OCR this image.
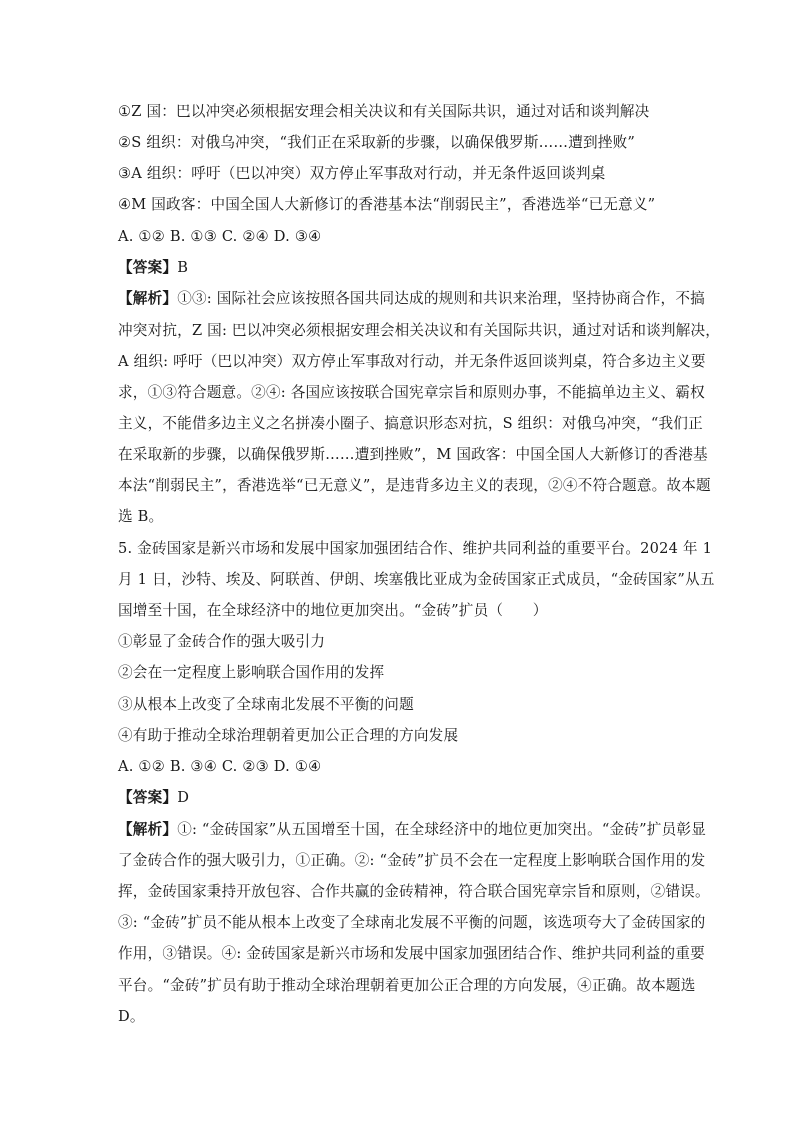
①Z 国：巴以冲突必须根据安理会相关决议和有关国际共识，通过对话和谈判解决
②S 组织：对俄乌冲突，“我们正在采取新的步骤，以确保俄罗斯……遭到挫败”
③A 组织：呼吁（巴以冲突）双方停止军事敌对行动，并无条件返回谈判桌
④M 国政客：中国全国人大新修订的香港基本法“削弱民主”，香港选举“已无意义”
A. ①② B. ①③ C. ②④ D. ③④
【答案】B
【解析】①③: 国际社会应该按照各国共同达成的规则和共识来治理，坚持协商合作，不搞
冲突对抗，Z 国: 巴以冲突必须根据安理会相关决议和有关国际共识，通过对话和谈判解决，
A 组织: 呼吁（巴以冲突）双方停止军事敌对行动，并无条件返回谈判桌，符合多边主义要
求，①③符合题意。②④: 各国应该按联合国宪章宗旨和原则办事，不能搞单边主义、霸权
主义，不能借多边主义之名拼凑小圈子、搞意识形态对抗，S 组织：对俄乌冲突，“我们正
在采取新的步骤，以确保俄罗斯……遭到挫败”，M 国政客：中国全国人大新修订的香港基
本法“削弱民主”，香港选举“已无意义”，是违背多边主义的表现，②④不符合题意。故本题
选 B。
5. 金砖国家是新兴市场和发展中国家加强团结合作、维护共同利益的重要平台。2024 年 1
月 1 日，沙特、埃及、阿联酋、伊朗、埃塞俄比亚成为金砖国家正式成员，“金砖国家”从五
国增至十国，在全球经济中的地位更加突出。“金砖”扩员（　　）
①彰显了金砖合作的强大吸引力
②会在一定程度上影响联合国作用的发挥
③从根本上改变了全球南北发展不平衡的问题
④有助于推动全球治理朝着更加公正合理的方向发展
A. ①② B. ③④ C. ②③ D. ①④
【答案】D
【解析】①: “金砖国家”从五国增至十国，在全球经济中的地位更加突出。“金砖”扩员彰显
了金砖合作的强大吸引力，①正确。②: “金砖”扩员不会在一定程度上影响联合国作用的发
挥，金砖国家秉持开放包容、合作共赢的金砖精神，符合联合国宪章宗旨和原则，②错误。
③: “金砖”扩员不能从根本上改变了全球南北发展不平衡的问题，该选项夸大了金砖国家的
作用，③错误。④: 金砖国家是新兴市场和发展中国家加强团结合作、维护共同利益的重要
平台。“金砖”扩员有助于推动全球治理朝着更加公正合理的方向发展，④正确。故本题选
D。
